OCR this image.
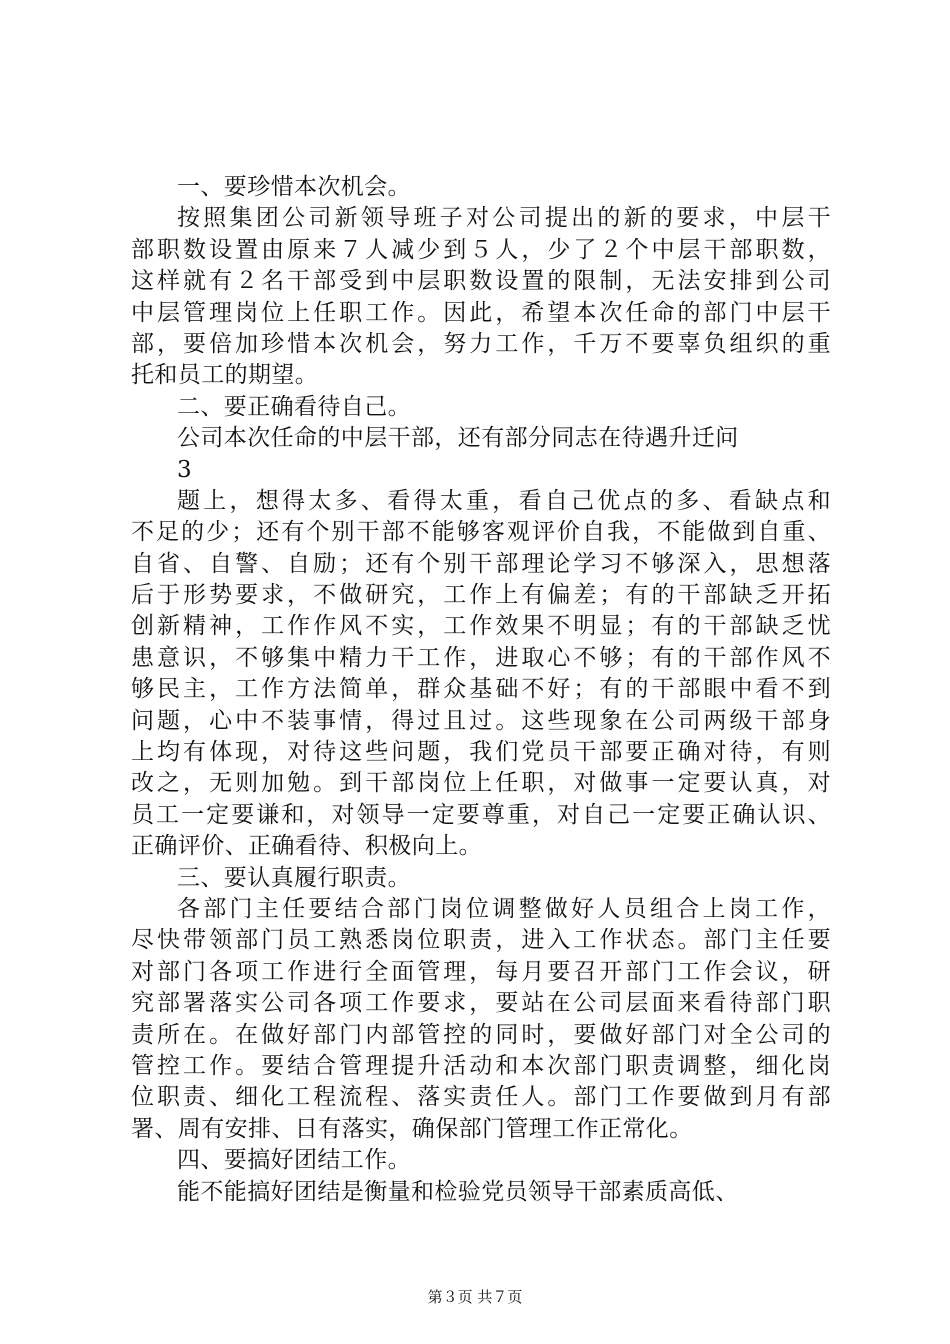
一、要珍惜本次机会。
按照集团公司新领导班子对公司提出的新的要求，中层干
部职数设置由原来７人减少到５人，少了２个中层干部职数，
这样就有２名干部受到中层职数设置的限制，无法安排到公司
中层管理岗位上任职工作。因此，希望本次任命的部门中层干
部，要倍加珍惜本次机会，努力工作，千万不要辜负组织的重
托和员工的期望。
二、要正确看待自己。
公司本次任命的中层干部，还有部分同志在待遇升迁问
3
题上，想得太多、看得太重，看自己优点的多、看缺点和
不足的少；还有个别干部不能够客观评价自我，不能做到自重、
自省、自警、自励；还有个别干部理论学习不够深入，思想落
后于形势要求，不做研究，工作上有偏差；有的干部缺乏开拓
创新精神，工作作风不实，工作效果不明显；有的干部缺乏忧
患意识，不够集中精力干工作，进取心不够；有的干部作风不
够民主，工作方法简单，群众基础不好；有的干部眼中看不到
问题，心中不装事情，得过且过。这些现象在公司两级干部身
上均有体现，对待这些问题，我们党员干部要正确对待，有则
改之，无则加勉。到干部岗位上任职，对做事一定要认真，对
员工一定要谦和，对领导一定要尊重，对自己一定要正确认识、
正确评价、正确看待、积极向上。
三、要认真履行职责。
各部门主任要结合部门岗位调整做好人员组合上岗工作，
尽快带领部门员工熟悉岗位职责，进入工作状态。部门主任要
对部门各项工作进行全面管理，每月要召开部门工作会议，研
究部署落实公司各项工作要求，要站在公司层面来看待部门职
责所在。在做好部门内部管控的同时，要做好部门对全公司的
管控工作。要结合管理提升活动和本次部门职责调整，细化岗
位职责、细化工程流程、落实责任人。部门工作要做到月有部
署、周有安排、日有落实，确保部门管理工作正常化。
四、要搞好团结工作。
能不能搞好团结是衡量和检验党员领导干部素质高低、
第３页 共７页
